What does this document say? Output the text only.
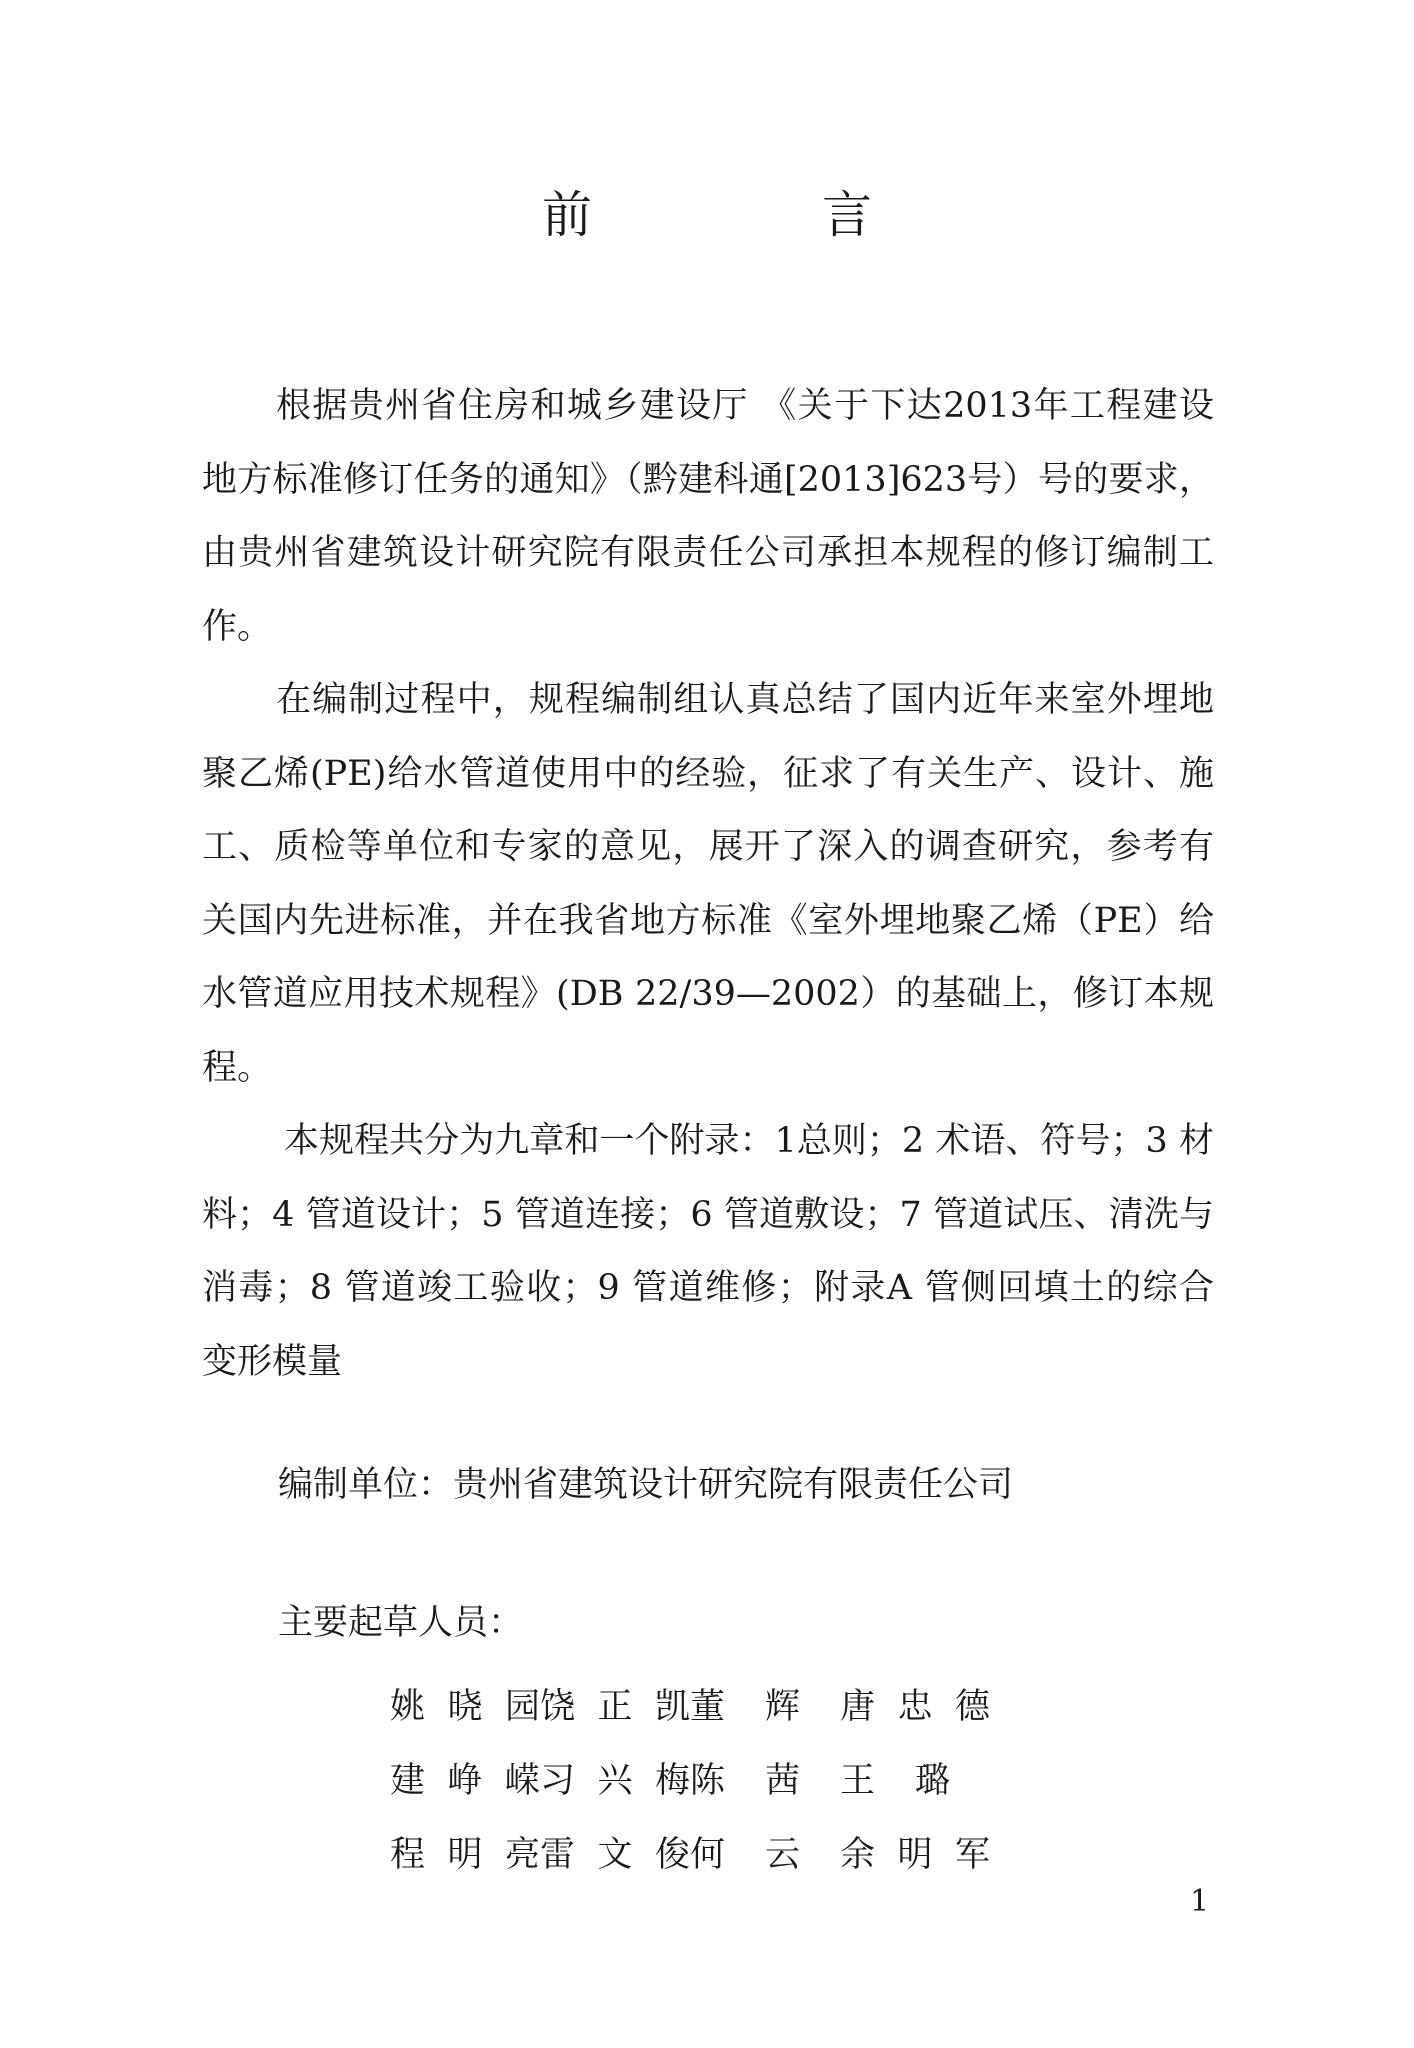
前　言

根据贵州省住房和城乡建设厅 《关于下达2013年工程建设地方标准修订任务的通知》（黔建科通[2013]623号）号的要求，由贵州省建筑设计研究院有限责任公司承担本规程的修订编制工作。

在编制过程中，规程编制组认真总结了国内近年来室外埋地聚乙烯(PE)给水管道使用中的经验，征求了有关生产、设计、施工、质检等单位和专家的意见，展开了深入的调查研究，参考有关国内先进标准，并在我省地方标准《室外埋地聚乙烯（PE）给水管道应用技术规程》(DB 22/39—2002）的基础上，修订本规程。

本规程共分为九章和一个附录：1总则；2 术语、符号；3 材料；4 管道设计；5 管道连接；6 管道敷设；7 管道试压、清洗与消毒；8 管道竣工验收；9 管道维修；附录A 管侧回填土的综合变形模量

编制单位：贵州省建筑设计研究院有限责任公司
主要起草人员：
姚 晓 园 饶 正 凯 董 辉 唐 忠 德
建 峥 嵘 习 兴 梅 陈 茜 王 璐
程 明 亮 雷 文 俊 何 云 余 明 军
1
